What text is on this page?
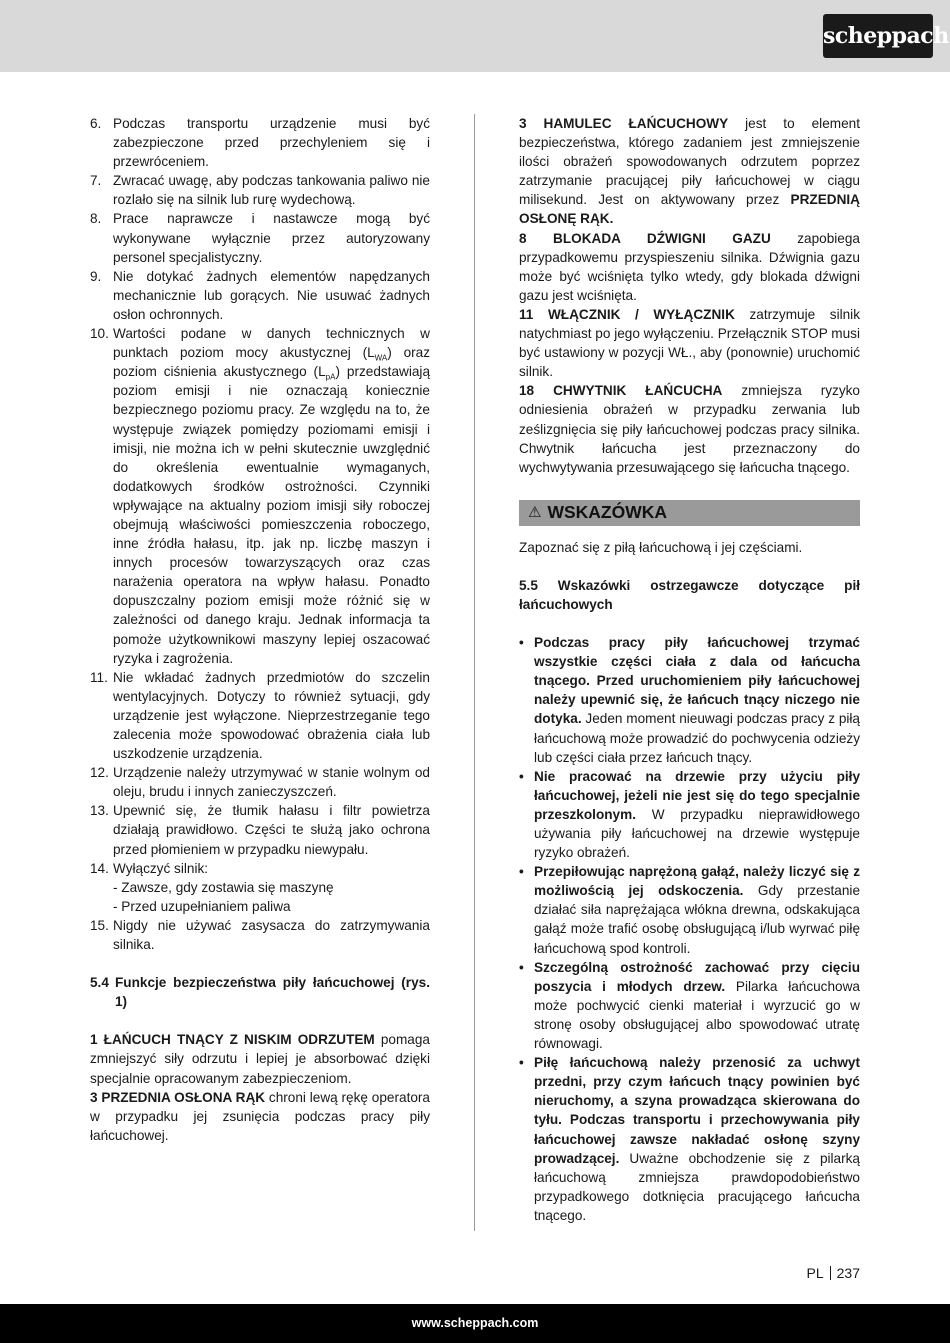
scheppach
6. Podczas transportu urządzenie musi być zabezpieczone przed przechyleniem się i przewróceniem.
7. Zwracać uwagę, aby podczas tankowania paliwo nie rozlało się na silnik lub rurę wydechową.
8. Prace naprawcze i nastawcze mogą być wykonywane wyłącznie przez autoryzowany personel specjalistyczny.
9. Nie dotykać żadnych elementów napędzanych mechanicznie lub gorących. Nie usuwać żadnych osłon ochronnych.
10. Wartości podane w danych technicznych w punktach poziom mocy akustycznej $(L_{WA})$ oraz poziom ciśnienia akustycznego $(L_{pA})$ przedstawiają poziom emisji i nie oznaczają koniecznie bezpiecznego poziomu pracy. Ze względu na to, że występuje związek pomiędzy poziomami emisji i imisji, nie można ich w pełni skutecznie uwzględnić do określenia ewentualnie wymaganych, dodatkowych środków ostrożności. Czynniki wpływające na aktualny poziom imisji siły roboczej obejmują właściwości pomieszczenia roboczego, inne źródła hałasu, itp. jak np. liczbę maszyn i innych procesów towarzyszących oraz czas narażenia operatora na wpływ hałasu. Ponadto dopuszczalny poziom emisji może różnić się w zależności od danego kraju. Jednak informacja ta pomoże użytkownikowi maszyny lepiej oszacować ryzyka i zagrożenia.
11. Nie wkładać żadnych przedmiotów do szczelin wentylacyjnych. Dotyczy to również sytuacji, gdy urządzenie jest wyłączone. Nieprzestrzeganie tego zalecenia może spowodować obrażenia ciała lub uszkodzenie urządzenia.
12. Urządzenie należy utrzymywać w stanie wolnym od oleju, brudu i innych zanieczyszczeń.
13. Upewnić się, że tłumik hałasu i filtr powietrza działają prawidłowo. Części te służą jako ochrona przed płomieniem w przypadku niewypału.
14. Wyłączyć silnik:
- Zawsze, gdy zostawia się maszynę
- Przed uzupełnianiem paliwa
15. Nigdy nie używać zasysacza do zatrzymywania silnika.
5.4 Funkcje bezpieczeństwa piły łańcuchowej (rys. 1)
1 ŁAŃCUCH TNĄCY Z NISKIM ODRZUTEM pomaga zmniejszyć siły odrzutu i lepiej je absorbować dzięki specjalnie opracowanym zabezpieczeniom.
3 PRZEDNIA OSŁONA RĄK chroni lewą rękę operatora w przypadku jej zsunięcia podczas pracy piły łańcuchowej.
3 HAMULEC ŁAŃCUCHOWY jest to element bezpieczeństwa, którego zadaniem jest zmniejszenie ilości obrażeń spowodowanych odrzutem poprzez zatrzymanie pracującej piły łańcuchowej w ciągu milisekund. Jest on aktywowany przez PRZEDNIĄ OSŁONĘ RĄK.
8 BLOKADA DŹWIGNI GAZU zapobiega przypadkowemu przyspieszeniu silnika. Dźwignia gazu może być wciśnięta tylko wtedy, gdy blokada dźwigni gazu jest wciśnięta.
11 WŁĄCZNIK / WYŁĄCZNIK zatrzymuje silnik natychmiast po jego wyłączeniu. Przełącznik STOP musi być ustawiony w pozycji WŁ., aby (ponownie) uruchomić silnik.
18 CHWYTNIK ŁAŃCUCHA zmniejsza ryzyko odniesienia obrażeń w przypadku zerwania lub ześlizgnięcia się piły łańcuchowej podczas pracy silnika. Chwytnik łańcucha jest przeznaczony do wychwytywania przesuwającego się łańcucha tnącego.
⚠ WSKAZÓWKA
Zapoznać się z piłą łańcuchową i jej częściami.
5.5 Wskazówki ostrzegawcze dotyczące pił łańcuchowych
• Podczas pracy piły łańcuchowej trzymać wszystkie części ciała z dala od łańcucha tnącego. Przed uruchomieniem piły łańcuchowej należy upewnić się, że łańcuch tnący niczego nie dotyka. Jeden moment nieuwagi podczas pracy z piłą łańcuchową może prowadzić do pochwycenia odzieży lub części ciała przez łańcuch tnący.
• Nie pracować na drzewie przy użyciu piły łańcuchowej, jeżeli nie jest się do tego specjalnie przeszkolonym. W przypadku nieprawidłowego używania piły łańcuchowej na drzewie występuje ryzyko obrażeń.
• Przepiłowując naprężoną gałąź, należy liczyć się z możliwością jej odskoczenia. Gdy przestanie działać siła naprężająca włókna drewna, odskakująca gałąź może trafić osobę obsługującą i/lub wyrwać piłę łańcuchową spod kontroli.
• Szczególną ostrożność zachować przy cięciu poszycia i młodych drzew. Pilarka łańcuchowa może pochwycić cienki materiał i wyrzucić go w stronę osoby obsługującej albo spowodować utratę równowagi.
• Piłę łańcuchową należy przenosić za uchwyt przedni, przy czym łańcuch tnący powinien być nieruchomy, a szyna prowadząca skierowana do tyłu. Podczas transportu i przechowywania piły łańcuchowej zawsze nakładać osłonę szyny prowadzącej. Uważne obchodzenie się z pilarką łańcuchową zmniejsza prawdopodobieństwo przypadkowego dotknięcia pracującego łańcucha tnącego.
PL 237
www.scheppach.com
